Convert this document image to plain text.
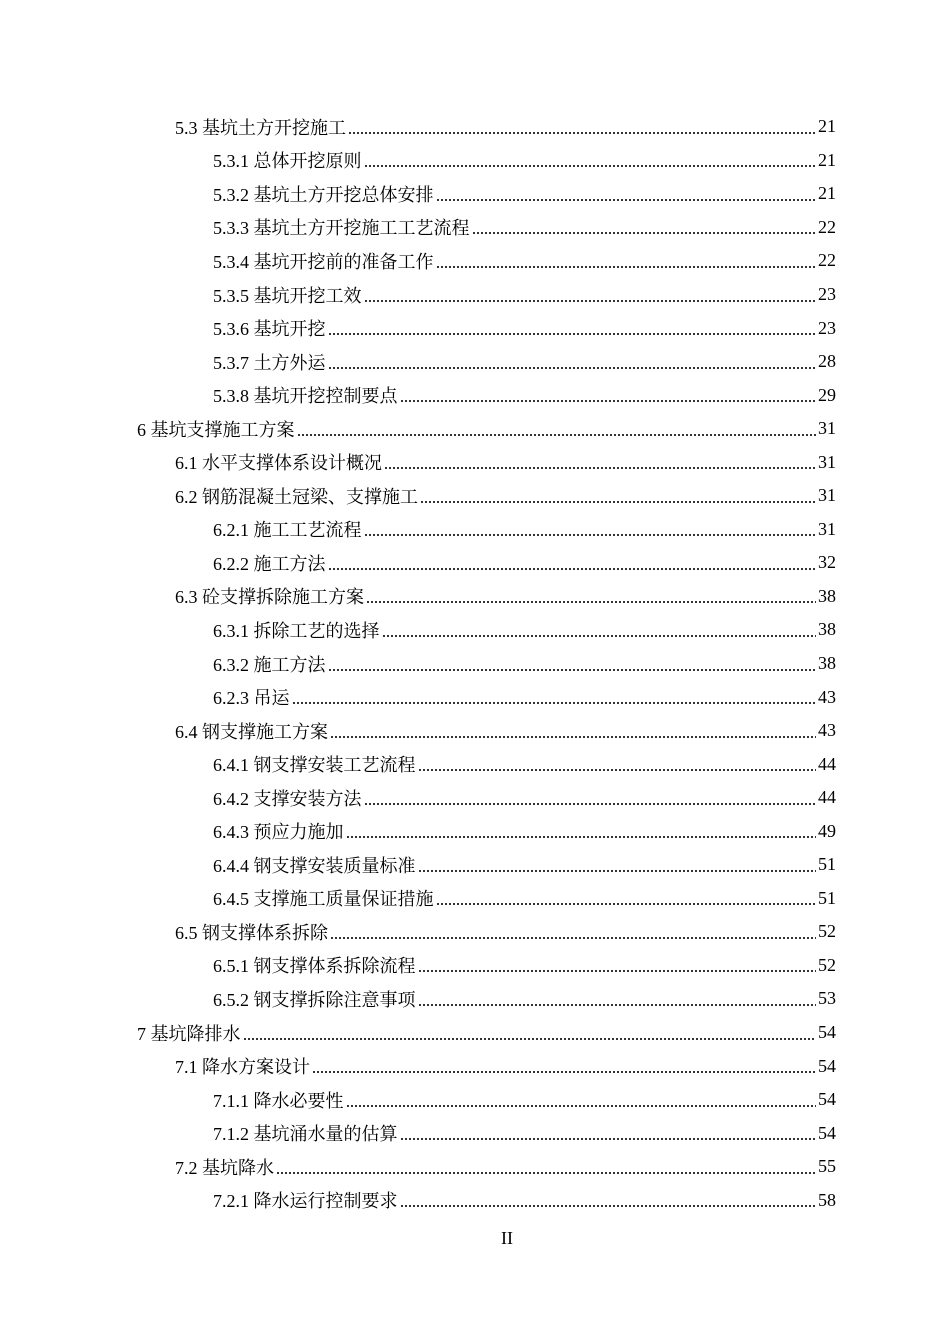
5.3 基坑土方开挖施工	21
5.3.1 总体开挖原则	21
5.3.2 基坑土方开挖总体安排	21
5.3.3 基坑土方开挖施工工艺流程	22
5.3.4 基坑开挖前的准备工作	22
5.3.5 基坑开挖工效	23
5.3.6 基坑开挖	23
5.3.7 土方外运	28
5.3.8 基坑开挖控制要点	29
6 基坑支撑施工方案	31
6.1 水平支撑体系设计概况	31
6.2 钢筋混凝土冠梁、支撑施工	31
6.2.1 施工工艺流程	31
6.2.2 施工方法	32
6.3 砼支撑拆除施工方案	38
6.3.1 拆除工艺的选择	38
6.3.2 施工方法	38
6.2.3 吊运	43
6.4 钢支撑施工方案	43
6.4.1 钢支撑安装工艺流程	44
6.4.2 支撑安装方法	44
6.4.3 预应力施加	49
6.4.4 钢支撑安装质量标准	51
6.4.5 支撑施工质量保证措施	51
6.5 钢支撑体系拆除	52
6.5.1 钢支撑体系拆除流程	52
6.5.2 钢支撑拆除注意事项	53
7 基坑降排水	54
7.1 降水方案设计	54
7.1.1 降水必要性	54
7.1.2 基坑涌水量的估算	54
7.2 基坑降水	55
7.2.1 降水运行控制要求	58
II
